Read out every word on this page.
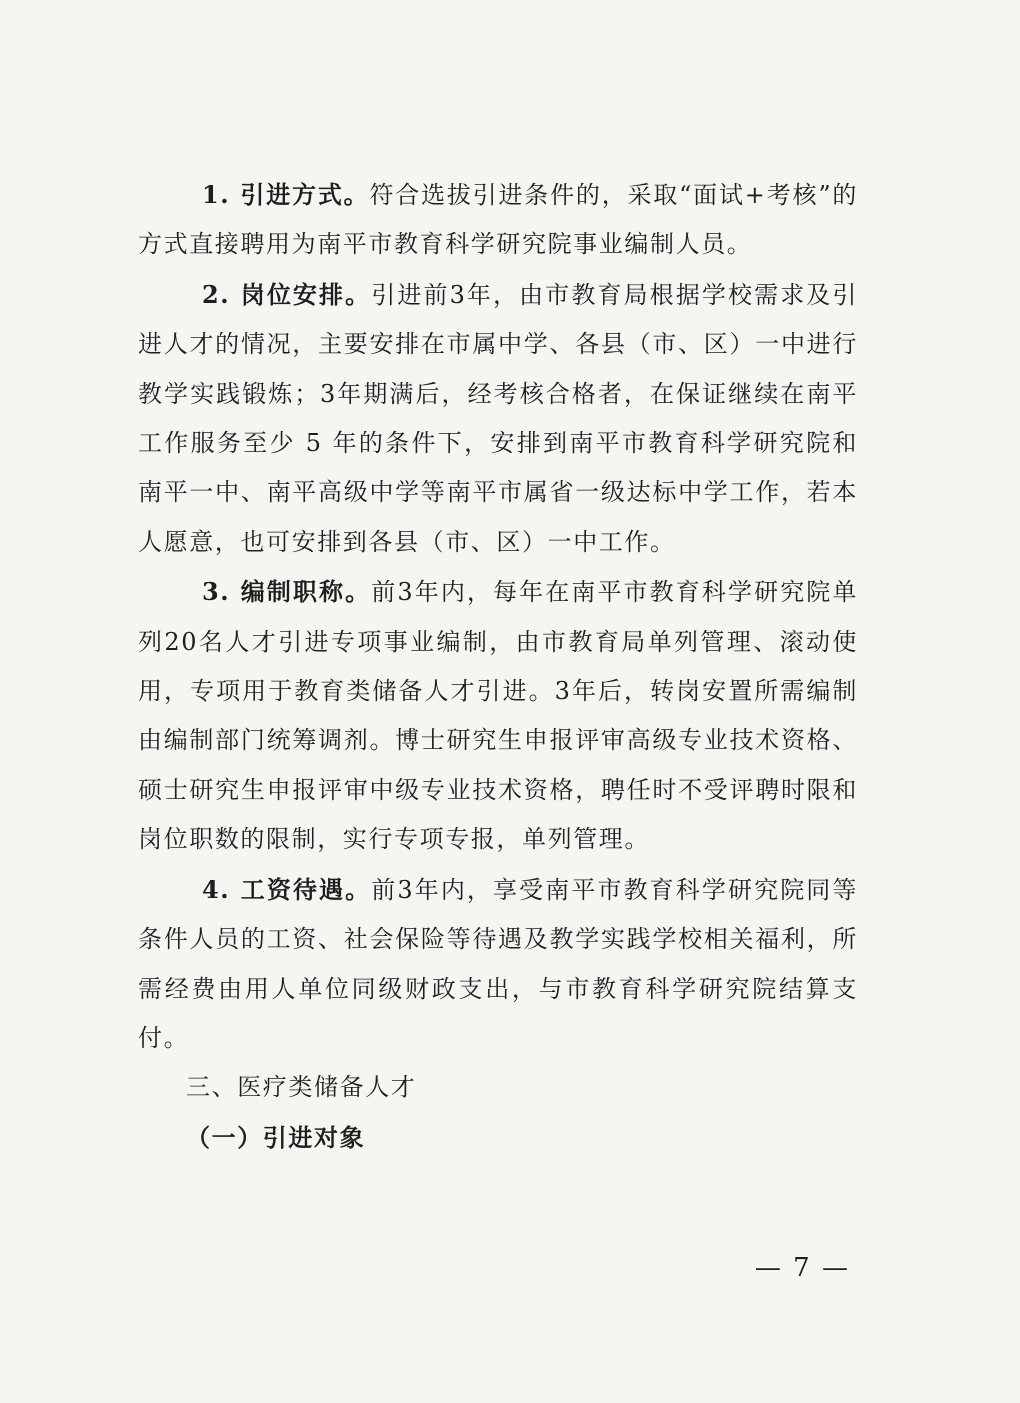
1. 引进方式。符合选拔引进条件的，采取“面试+考核”的方式直接聘用为南平市教育科学研究院事业编制人员。

2. 岗位安排。引进前3年，由市教育局根据学校需求及引进人才的情况，主要安排在市属中学、各县（市、区）一中进行教学实践锻炼；3年期满后，经考核合格者，在保证继续在南平工作服务至少 5 年的条件下，安排到南平市教育科学研究院和南平一中、南平高级中学等南平市属省一级达标中学工作，若本人愿意，也可安排到各县（市、区）一中工作。

3. 编制职称。前3年内，每年在南平市教育科学研究院单列20名人才引进专项事业编制，由市教育局单列管理、滚动使用，专项用于教育类储备人才引进。3年后，转岗安置所需编制由编制部门统筹调剂。博士研究生申报评审高级专业技术资格、硕士研究生申报评审中级专业技术资格，聘任时不受评聘时限和岗位职数的限制，实行专项专报，单列管理。

4. 工资待遇。前3年内，享受南平市教育科学研究院同等条件人员的工资、社会保险等待遇及教学实践学校相关福利，所需经费由用人单位同级财政支出，与市教育科学研究院结算支付。

三、医疗类储备人才

（一）引进对象

— 7 —
